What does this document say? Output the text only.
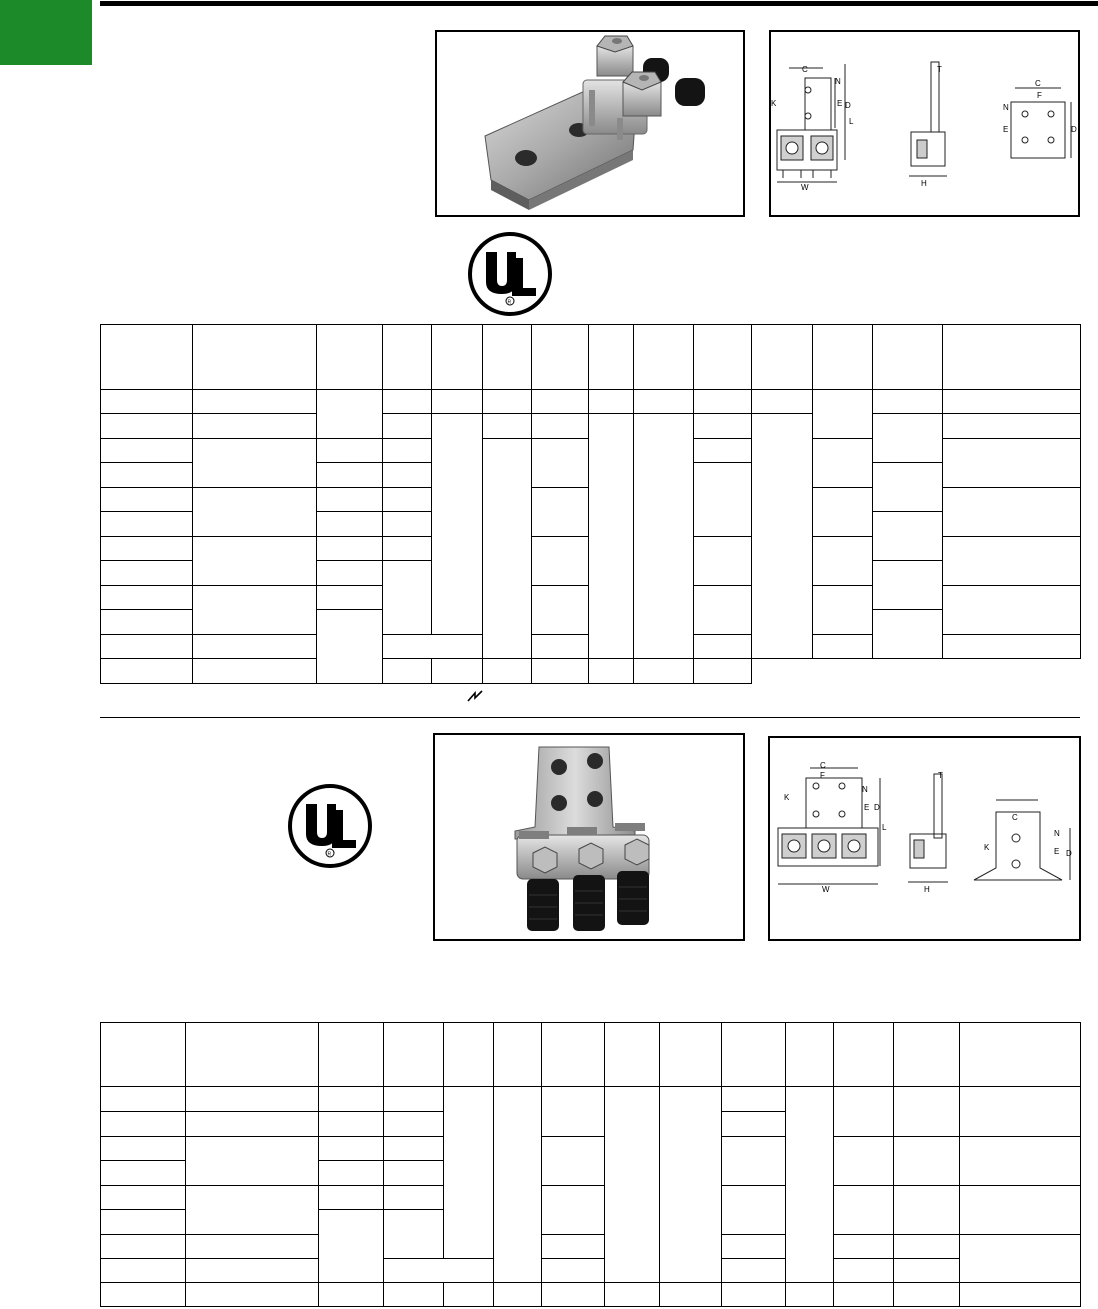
C
N
K	E D
L
W
T
H
C
F
N
E	D
R

R
C
F
K
N
E D
L
W
T
H
C
N
E D
K
